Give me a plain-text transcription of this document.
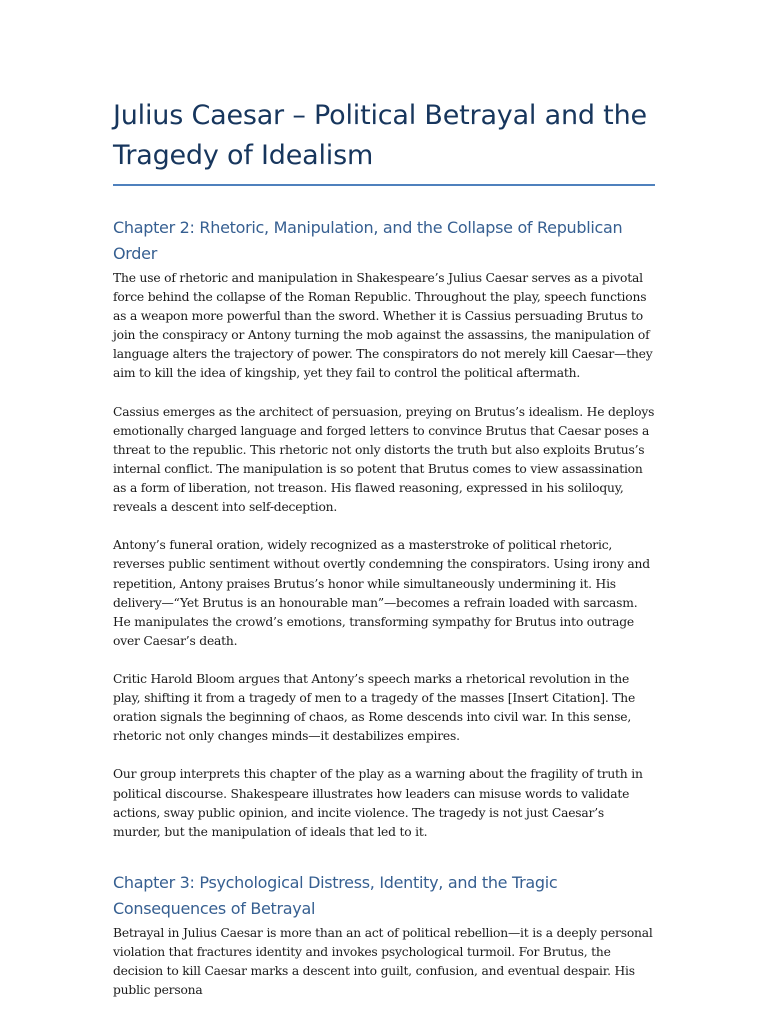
Julius Caesar – Political Betrayal and the Tragedy of Idealism
Chapter 2: Rhetoric, Manipulation, and the Collapse of Republican Order

The use of rhetoric and manipulation in Shakespeare’s Julius Caesar serves as a pivotal force behind the collapse of the Roman Republic. Throughout the play, speech functions as a weapon more powerful than the sword. Whether it is Cassius persuading Brutus to join the conspiracy or Antony turning the mob against the assassins, the manipulation of language alters the trajectory of power. The conspirators do not merely kill Caesar—they aim to kill the idea of kingship, yet they fail to control the political aftermath.

Cassius emerges as the architect of persuasion, preying on Brutus’s idealism. He deploys emotionally charged language and forged letters to convince Brutus that Caesar poses a threat to the republic. This rhetoric not only distorts the truth but also exploits Brutus’s internal conflict. The manipulation is so potent that Brutus comes to view assassination as a form of liberation, not treason. His flawed reasoning, expressed in his soliloquy, reveals a descent into self-deception.

Antony’s funeral oration, widely recognized as a masterstroke of political rhetoric, reverses public sentiment without overtly condemning the conspirators. Using irony and repetition, Antony praises Brutus’s honor while simultaneously undermining it. His delivery—“Yet Brutus is an honourable man”—becomes a refrain loaded with sarcasm. He manipulates the crowd’s emotions, transforming sympathy for Brutus into outrage over Caesar’s death.

Critic Harold Bloom argues that Antony’s speech marks a rhetorical revolution in the play, shifting it from a tragedy of men to a tragedy of the masses [Insert Citation]. The oration signals the beginning of chaos, as Rome descends into civil war. In this sense, rhetoric not only changes minds—it destabilizes empires.

Our group interprets this chapter of the play as a warning about the fragility of truth in political discourse. Shakespeare illustrates how leaders can misuse words to validate actions, sway public opinion, and incite violence. The tragedy is not just Caesar’s murder, but the manipulation of ideals that led to it.

Chapter 3: Psychological Distress, Identity, and the Tragic Consequences of Betrayal

Betrayal in Julius Caesar is more than an act of political rebellion—it is a deeply personal violation that fractures identity and invokes psychological turmoil. For Brutus, the decision to kill Caesar marks a descent into guilt, confusion, and eventual despair. His public persona
